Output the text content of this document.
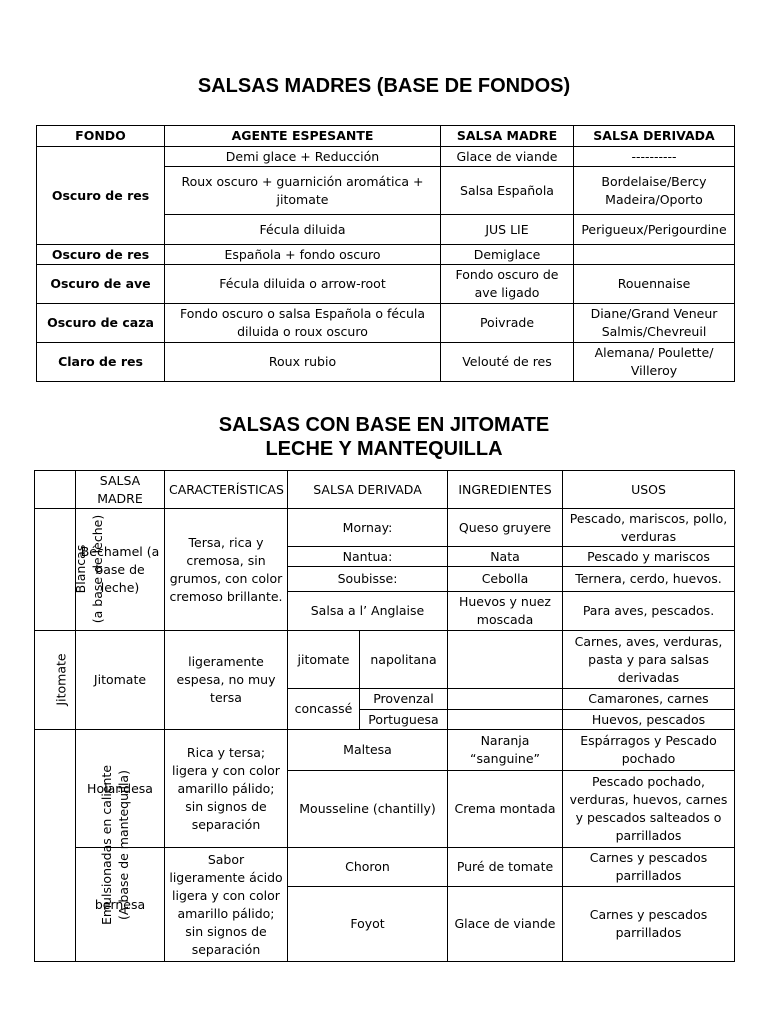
SALSAS MADRES (BASE DE FONDOS)
FONDO	AGENTE ESPESANTE	SALSA MADRE	SALSA DERIVADA
Oscuro de res	Demi glace + Reducción	Glace de viande	----------
	Roux oscuro + guarnición aromática + jitomate	Salsa Española	Bordelaise/Bercy Madeira/Oporto
	Fécula diluida	JUS LIE	Perigueux/Perigourdine
Oscuro de res	Española + fondo oscuro	Demiglace	
Oscuro de ave	Fécula diluida o arrow-root	Fondo oscuro de ave ligado	Rouennaise
Oscuro de caza	Fondo oscuro o salsa Española o fécula diluida o roux oscuro	Poivrade	Diane/Grand Veneur Salmis/Chevreuil
Claro de res	Roux rubio	Velouté de res	Alemana/ Poulette/ Villeroy
SALSAS CON BASE EN JITOMATE
LECHE Y MANTEQUILLA
	SALSA MADRE	CARACTERÍSTICAS	SALSA DERIVADA		INGREDIENTES	USOS
Blancas (a base de leche)	Béchamel (a base de leche)	Tersa, rica y cremosa, sin grumos, con color cremoso brillante.	Mornay:		Queso gruyere	Pescado, mariscos, pollo, verduras
			Nantua:		Nata	Pescado y mariscos
			Soubisse:		Cebolla	Ternera, cerdo, huevos.
			Salsa a l’ Anglaise		Huevos y nuez moscada	Para aves, pescados.
Jitomate	Jitomate	ligeramente espesa, no muy tersa	jitomate	napolitana		Carnes, aves, verduras, pasta y para salsas derivadas
			concassé	Provenzal		Camarones, carnes
				Portuguesa		Huevos, pescados
Emulsionadas en caliente (A base de mantequilla)	Holandesa	Rica y tersa; ligera y con color amarillo pálido; sin signos de separación	Maltesa		Naranja “sanguine”	Espárragos y Pescado pochado
			Mousseline (chantilly)		Crema montada	Pescado pochado, verduras, huevos, carnes y pescados salteados o parrillados
	bernesa	Sabor ligeramente ácido ligera y con color amarillo pálido; sin signos de separación	Choron		Puré de tomate	Carnes y pescados parrillados
			Foyot		Glace de viande	Carnes y pescados parrillados
